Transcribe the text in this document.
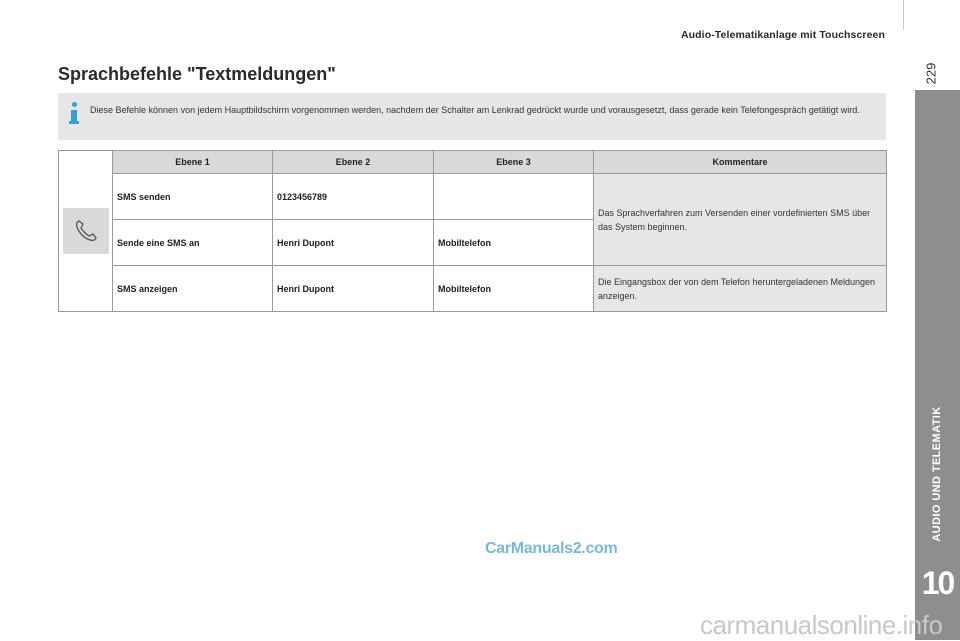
Audio-Telematikanlage mit Touchscreen
229
AUDIO UND TELEMATIK
10
Sprachbefehle "Textmeldungen"
Diese Befehle können von jedem Hauptbildschirm vorgenommen werden, nachdem der Schalter am Lenkrad gedrückt wurde und vorausgesetzt, dass gerade kein Telefongespräch getätigt wird.
	Ebene 1	Ebene 2	Ebene 3	Kommentare
	SMS senden	0123456789		Das Sprachverfahren zum Versenden einer vordefinierten SMS über das System beginnen.
	Sende eine SMS an	Henri Dupont	Mobiltelefon	
	SMS anzeigen	Henri Dupont	Mobiltelefon	Die Eingangsbox der von dem Telefon heruntergeladenen Meldungen anzeigen.
CarManuals2.com
carmanualsonline.info
